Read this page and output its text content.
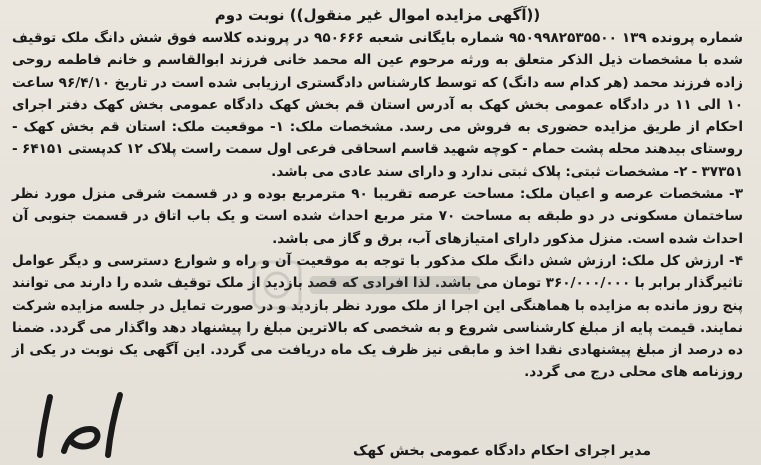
((آگهی مزایده اموال غیر منقول)) نوبت دوم

شماره پرونده ۱۳۹ ۹۵۰۹۹۸۲۵۳۵۵۰۰ شماره بایگانی شعبه ۹۵۰۶۶۶ در پرونده کلاسه فوق شش دانگ ملک توقیف شده با مشخصات ذیل الذکر متعلق به ورثه مرحوم عین اله محمد خانی فرزند ابوالقاسم و خانم فاطمه روحی زاده فرزند محمد (هر کدام سه دانگ) که توسط کارشناس دادگستری ارزیابی شده است در تاریخ ۹۶/۴/۱۰ ساعت ۱۰ الی ۱۱ در دادگاه عمومی بخش کهک به آدرس استان قم بخش کهک دادگاه عمومی بخش کهک دفتر اجرای احکام از طریق مزایده حضوری به فروش می رسد. مشخصات ملک: ۱- موقعیت ملک: استان قم بخش کهک - روستای بیدهند محله پشت حمام - کوچه شهید قاسم اسحاقی فرعی اول سمت راست پلاک ۱۲ کدپستی ۶۴۱۵۱ - ۳۷۳۵۱ - ۲- مشخصات ثبتی: پلاک ثبتی ندارد و دارای سند عادی می باشد.
۳- مشخصات عرصه و اعیان ملک: مساحت عرصه تقریبا ۹۰ مترمربع بوده و در قسمت شرقی منزل مورد نظر ساختمان مسکونی در دو طبقه به مساحت ۷۰ متر مربع احداث شده است و یک باب اتاق در قسمت جنوبی آن احداث شده است. منزل مذکور دارای امتیازهای آب، برق و گاز می باشد.
۴- ارزش کل ملک: ارزش شش دانگ ملک مذکور با توجه به موقعیت آن و راه و شوارع دسترسی و دیگر عوامل تاثیرگذار برابر با ۳۶۰/۰۰۰/۰۰۰ تومان می باشد. لذا افرادی که قصد بازدید از ملک توقیف شده را دارند می توانند پنج روز مانده به مزایده با هماهنگی این اجرا از ملک مورد نظر بازدید و در صورت تمایل در جلسه مزایده شرکت نمایند. قیمت پایه از مبلغ کارشناسی شروع و به شخصی که بالاترین مبلغ را پیشنهاد دهد واگذار می گردد. ضمنا ده درصد از مبلغ پیشنهادی نقدا اخذ و مابقی نیز ظرف یک ماه دریافت می گردد. این آگهی یک نوبت در یکی از روزنامه های محلی درج می گردد.

مدیر اجرای احکام دادگاه عمومی بخش کهک
